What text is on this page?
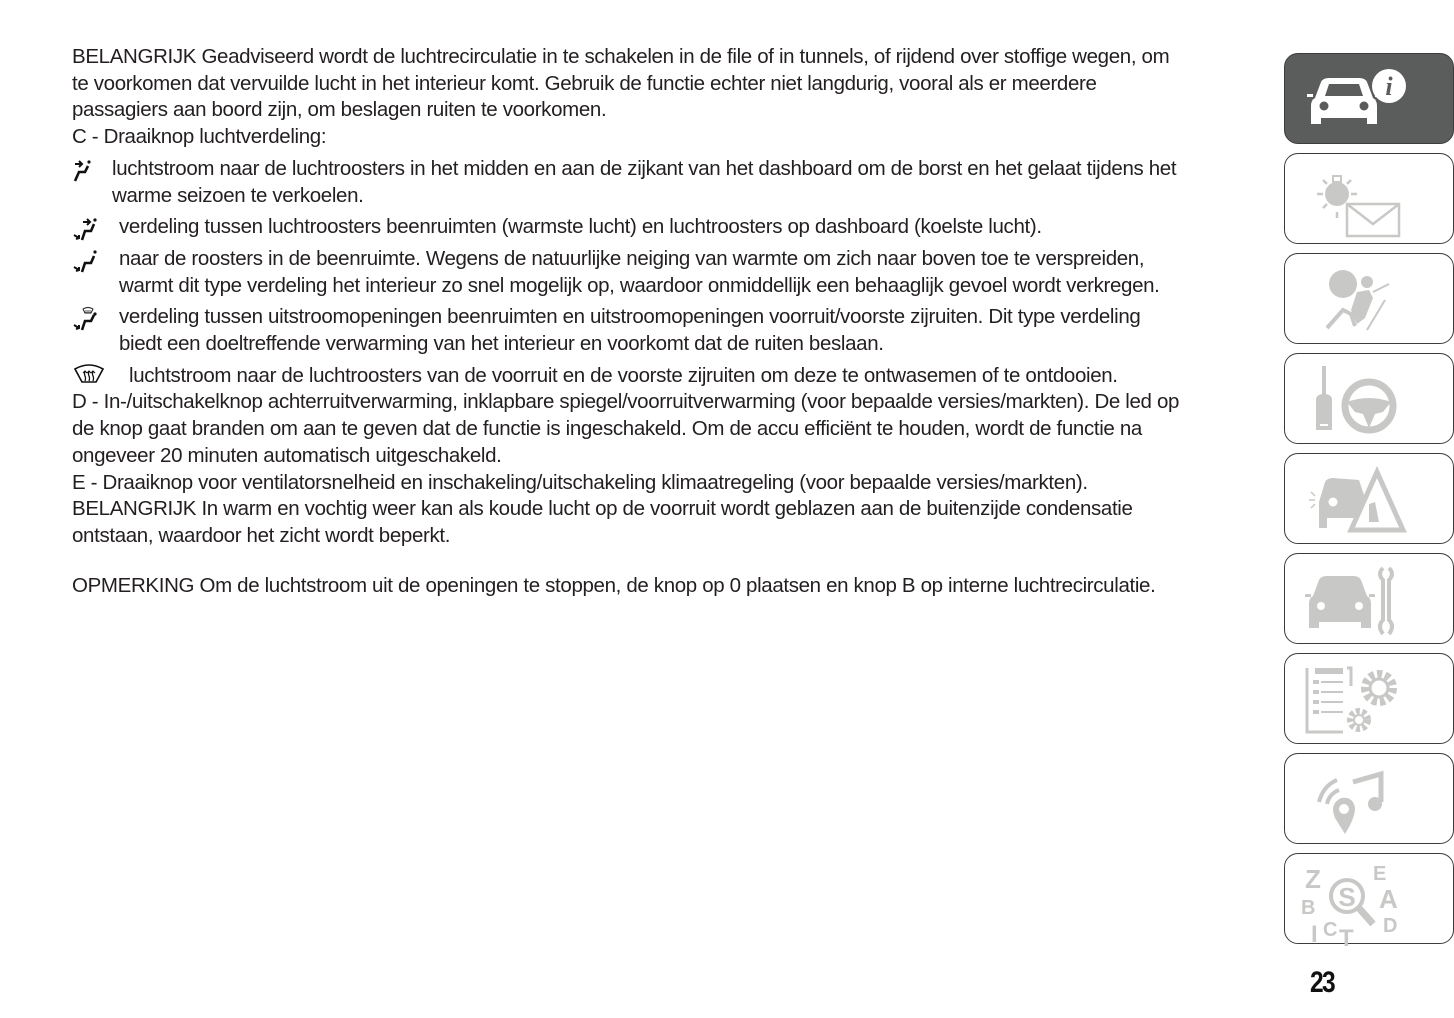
BELANGRIJK Geadviseerd wordt de luchtrecirculatie in te schakelen in de file of in tunnels, of rijdend over stoffige wegen, om

te voorkomen dat vervuilde lucht in het interieur komt. Gebruik de functie echter niet langdurig, vooral als er meerdere

passagiers aan boord zijn, om beslagen ruiten te voorkomen.

C - Draaiknop luchtverdeling:

luchtstroom naar de luchtroosters in het midden en aan de zijkant van het dashboard om de borst en het gelaat tijdens het
warme seizoen te verkoelen.
verdeling tussen luchtroosters beenruimten (warmste lucht) en luchtroosters op dashboard (koelste lucht).
naar de roosters in de beenruimte. Wegens de natuurlijke neiging van warmte om zich naar boven toe te verspreiden,
warmt dit type verdeling het interieur zo snel mogelijk op, waardoor onmiddellijk een behaaglijk gevoel wordt verkregen.
verdeling tussen uitstroomopeningen beenruimten en uitstroomopeningen voorruit/voorste zijruiten. Dit type verdeling
biedt een doeltreffende verwarming van het interieur en voorkomt dat de ruiten beslaan.
luchtstroom naar de luchtroosters van de voorruit en de voorste zijruiten om deze te ontwasemen of te ontdooien.

D - In-/uitschakelknop achterruitverwarming, inklapbare spiegel/voorruitverwarming (voor bepaalde versies/markten). De led op

de knop gaat branden om aan te geven dat de functie is ingeschakeld. Om de accu efficiënt te houden, wordt de functie na

ongeveer 20 minuten automatisch uitgeschakeld.

E - Draaiknop voor ventilatorsnelheid en inschakeling/uitschakeling klimaatregeling (voor bepaalde versies/markten).

BELANGRIJK In warm en vochtig weer kan als koude lucht op de voorruit wordt geblazen aan de buitenzijde condensatie

ontstaan, waardoor het zicht wordt beperkt.

OPMERKING Om de luchtstroom uit de openingen te stoppen, de knop op 0 plaatsen en knop B op interne luchtrecirculatie.

i
Z
B
I C T
E
A
D
S
23
